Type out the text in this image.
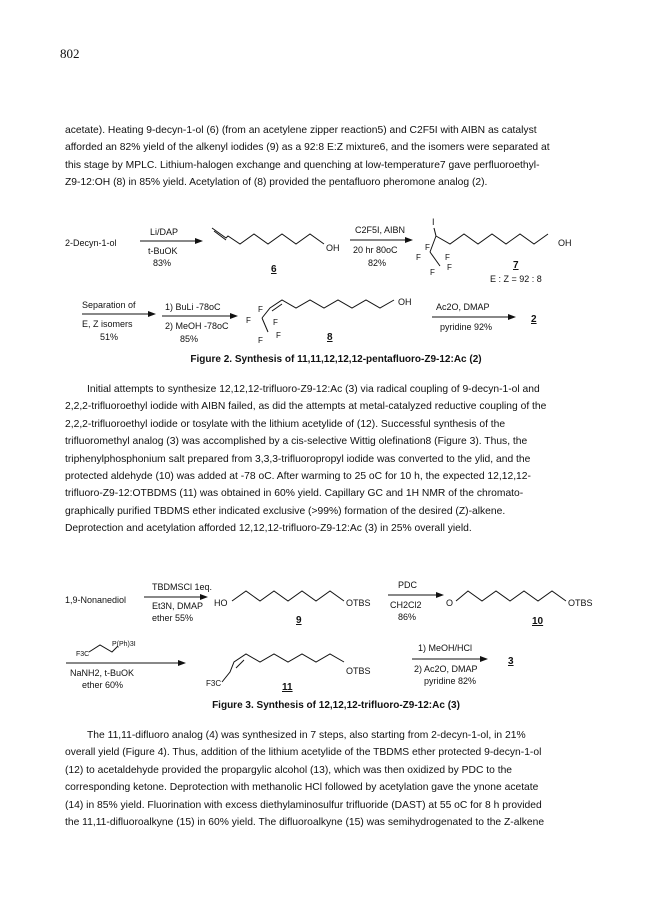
802
acetate). Heating 9-decyn-1-ol (6) (from an acetylene zipper reaction5) and C2F5I with AIBN as catalyst
afforded an 82% yield of the alkenyl iodides (9) as a 92:8 E:Z mixture6, and the isomers were separated at
this stage by MPLC. Lithium-halogen exchange and quenching at low-temperature7 gave perfluoroethyl-
Z9-12:OH (8) in 85% yield. Acetylation of (8) provided the pentafluoro pheromone analog (2).
2-Decyn-1-ol
Li/DAP
t-BuOK
83%
OH
6
C2F5I, AIBN
20 hr 80oC
82%
I
F
F
F
F
F
OH
7
E : Z = 92 : 8
Separation of
E, Z isomers
51%
1) BuLi -78oC
2) MeOH -78oC
85%
F
F
F
F
F
OH
8
Ac2O, DMAP
pyridine 92%
2
Figure 2. Synthesis of 11,11,12,12,12-pentafluoro-Z9-12:Ac (2)
Initial attempts to synthesize 12,12,12-trifluoro-Z9-12:Ac (3) via radical coupling of 9-decyn-1-ol and
2,2,2-trifluoroethyl iodide with AIBN failed, as did the attempts at metal-catalyzed reductive coupling of the
2,2,2-trifluoroethyl iodide or tosylate with the lithium acetylide of (12). Successful synthesis of the
trifluoromethyl analog (3) was accomplished by a cis-selective Wittig olefination8 (Figure 3). Thus, the
triphenylphosphonium salt prepared from 3,3,3-trifluoropropyl iodide was converted to the ylid, and the
protected aldehyde (10) was added at -78 oC. After warming to 25 oC for 10 h, the expected 12,12,12-
trifluoro-Z9-12:OTBDMS (11) was obtained in 60% yield. Capillary GC and 1H NMR of the chromato-
graphically purified TBDMS ether indicated exclusive (>99%) formation of the desired (Z)-alkene.
Deprotection and acetylation afforded 12,12,12-trifluoro-Z9-12:Ac (3) in 25% overall yield.
1,9-Nonanediol
TBDMSCl 1eq.
Et3N, DMAP
ether 55%
HO	OTBS
9
PDC
CH2Cl2
86%
O	OTBS
10
F3C
P(Ph)3I
NaNH2, t-BuOK
ether 60%	F3C
OTBS
11
1) MeOH/HCl
2) Ac2O, DMAP
pyridine 82%
3
Figure 3. Synthesis of 12,12,12-trifluoro-Z9-12:Ac (3)
The 11,11-difluoro analog (4) was synthesized in 7 steps, also starting from 2-decyn-1-ol, in 21%
overall yield (Figure 4). Thus, addition of the lithium acetylide of the TBDMS ether protected 9-decyn-1-ol
(12) to acetaldehyde provided the propargylic alcohol (13), which was then oxidized by PDC to the
corresponding ketone. Deprotection with methanolic HCl followed by acetylation gave the ynone acetate
(14) in 85% yield. Fluorination with excess diethylaminosulfur trifluoride (DAST) at 55 oC for 8 h provided
the 11,11-difluoroalkyne (15) in 60% yield. The difluoroalkyne (15) was semihydrogenated to the Z-alkene
